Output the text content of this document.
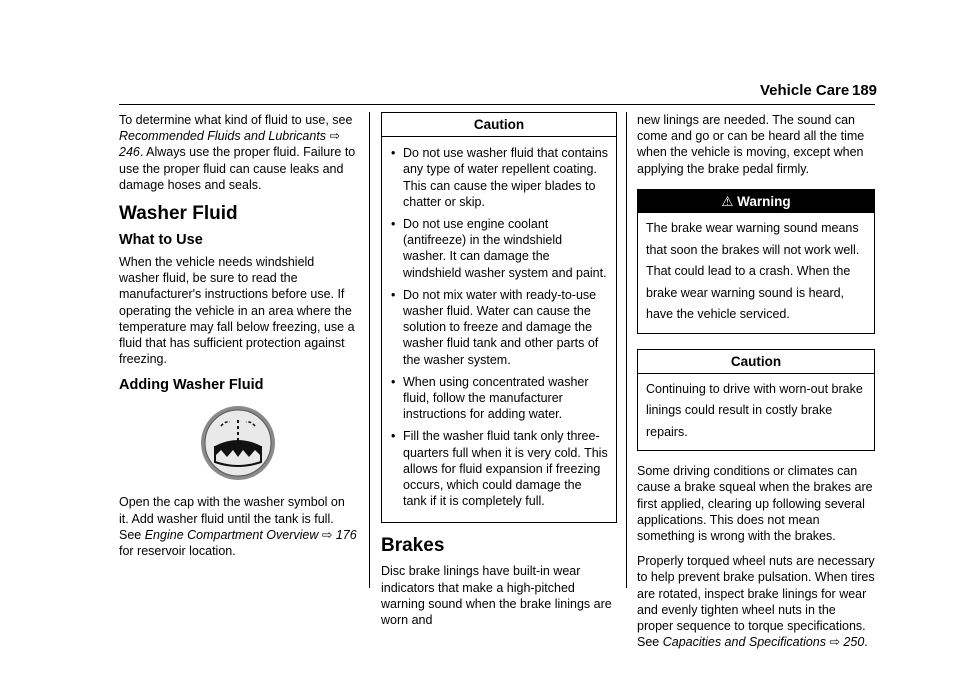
Vehicle Care 189

To determine what kind of fluid to use, see Recommended Fluids and Lubricants ⇨ 246. Always use the proper fluid. Failure to use the proper fluid can cause leaks and damage hoses and seals.

Washer Fluid
What to Use

When the vehicle needs windshield washer fluid, be sure to read the manufacturer's instructions before use. If operating the vehicle in an area where the temperature may fall below freezing, use a fluid that has sufficient protection against freezing.

Adding Washer Fluid

Open the cap with the washer symbol on it. Add washer fluid until the tank is full. See Engine Compartment Overview ⇨ 176 for reservoir location.

Caution
• Do not use washer fluid that contains any type of water repellent coating. This can cause the wiper blades to chatter or skip.
• Do not use engine coolant (antifreeze) in the windshield washer. It can damage the windshield washer system and paint.
• Do not mix water with ready-to-use washer fluid. Water can cause the solution to freeze and damage the washer fluid tank and other parts of the washer system.
• When using concentrated washer fluid, follow the manufacturer instructions for adding water.
• Fill the washer fluid tank only three-quarters full when it is very cold. This allows for fluid expansion if freezing occurs, which could damage the tank if it is completely full.
Brakes

Disc brake linings have built-in wear indicators that make a high-pitched warning sound when the brake linings are worn and

new linings are needed. The sound can come and go or can be heard all the time when the vehicle is moving, except when applying the brake pedal firmly.

⚠ Warning
The brake wear warning sound means that soon the brakes will not work well. That could lead to a crash. When the brake wear warning sound is heard, have the vehicle serviced.
Caution
Continuing to drive with worn-out brake linings could result in costly brake repairs.

Some driving conditions or climates can cause a brake squeal when the brakes are first applied, clearing up following several applications. This does not mean something is wrong with the brakes.

Properly torqued wheel nuts are necessary to help prevent brake pulsation. When tires are rotated, inspect brake linings for wear and evenly tighten wheel nuts in the proper sequence to torque specifications. See Capacities and Specifications ⇨ 250.
